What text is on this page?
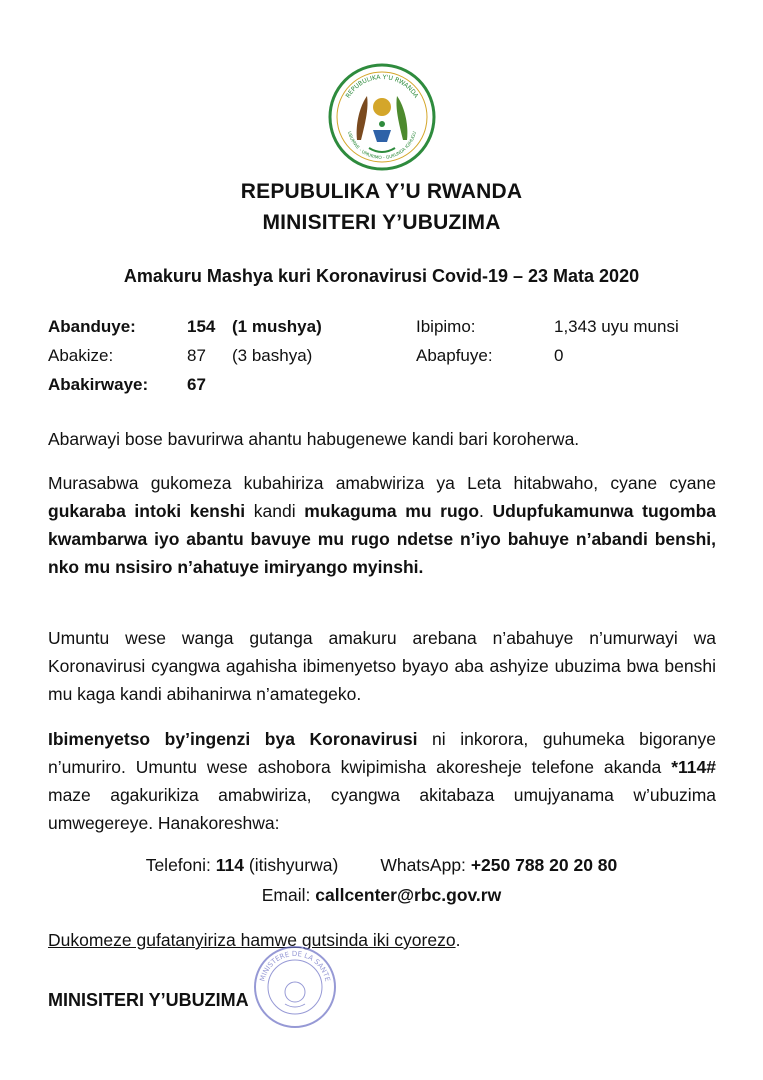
REPUBULIKA Y'U RWANDA
UBUMWE - UMURIMO - GUKUNDA IGIHUGU
REPUBULIKA Y’U RWANDA
MINISITERI Y’UBUZIMA
Amakuru Mashya kuri Koronavirusi Covid-19 – 23 Mata 2020
Abanduye:	154 (1 mushya)	Ibipimo:	1,343 uyu munsi
Abakize:	87 (3 bashya)	Abapfuye:	0
Abakirwaye: 67
Abarwayi bose bavurirwa ahantu habugenewe kandi bari koroherwa.
Murasabwa gukomeza kubahiriza amabwiriza ya Leta hitabwaho, cyane cyane gukaraba intoki kenshi kandi mukaguma mu rugo. Udupfukamunwa tugomba kwambarwa iyo abantu bavuye mu rugo ndetse n’iyo bahuye n’abandi benshi, nko mu nsisiro n’ahatuye imiryango myinshi.
Umuntu wese wanga gutanga amakuru arebana n’abahuye n’umurwayi wa Koronavirusi cyangwa agahisha ibimenyetso byayo aba ashyize ubuzima bwa benshi mu kaga kandi abihanirwa n’amategeko.
Ibimenyetso by’ingenzi bya Koronavirusi ni inkorora, guhumeka bigoranye n’umuriro. Umuntu wese ashobora kwipimisha akoresheje telefone akanda *114# maze agakurikiza amabwiriza, cyangwa akitabaza umujyanama w’ubuzima umwegereye. Hanakoreshwa:
Telefoni: 114 (itishyurwa) WhatsApp: +250 788 20 20 80
Email: callcenter@rbc.gov.rw
Dukomeze gufatanyiriza hamwe gutsinda iki cyorezo.
MINISTERE DE LA SANTE
MINISITERI Y’UBUZIMA
